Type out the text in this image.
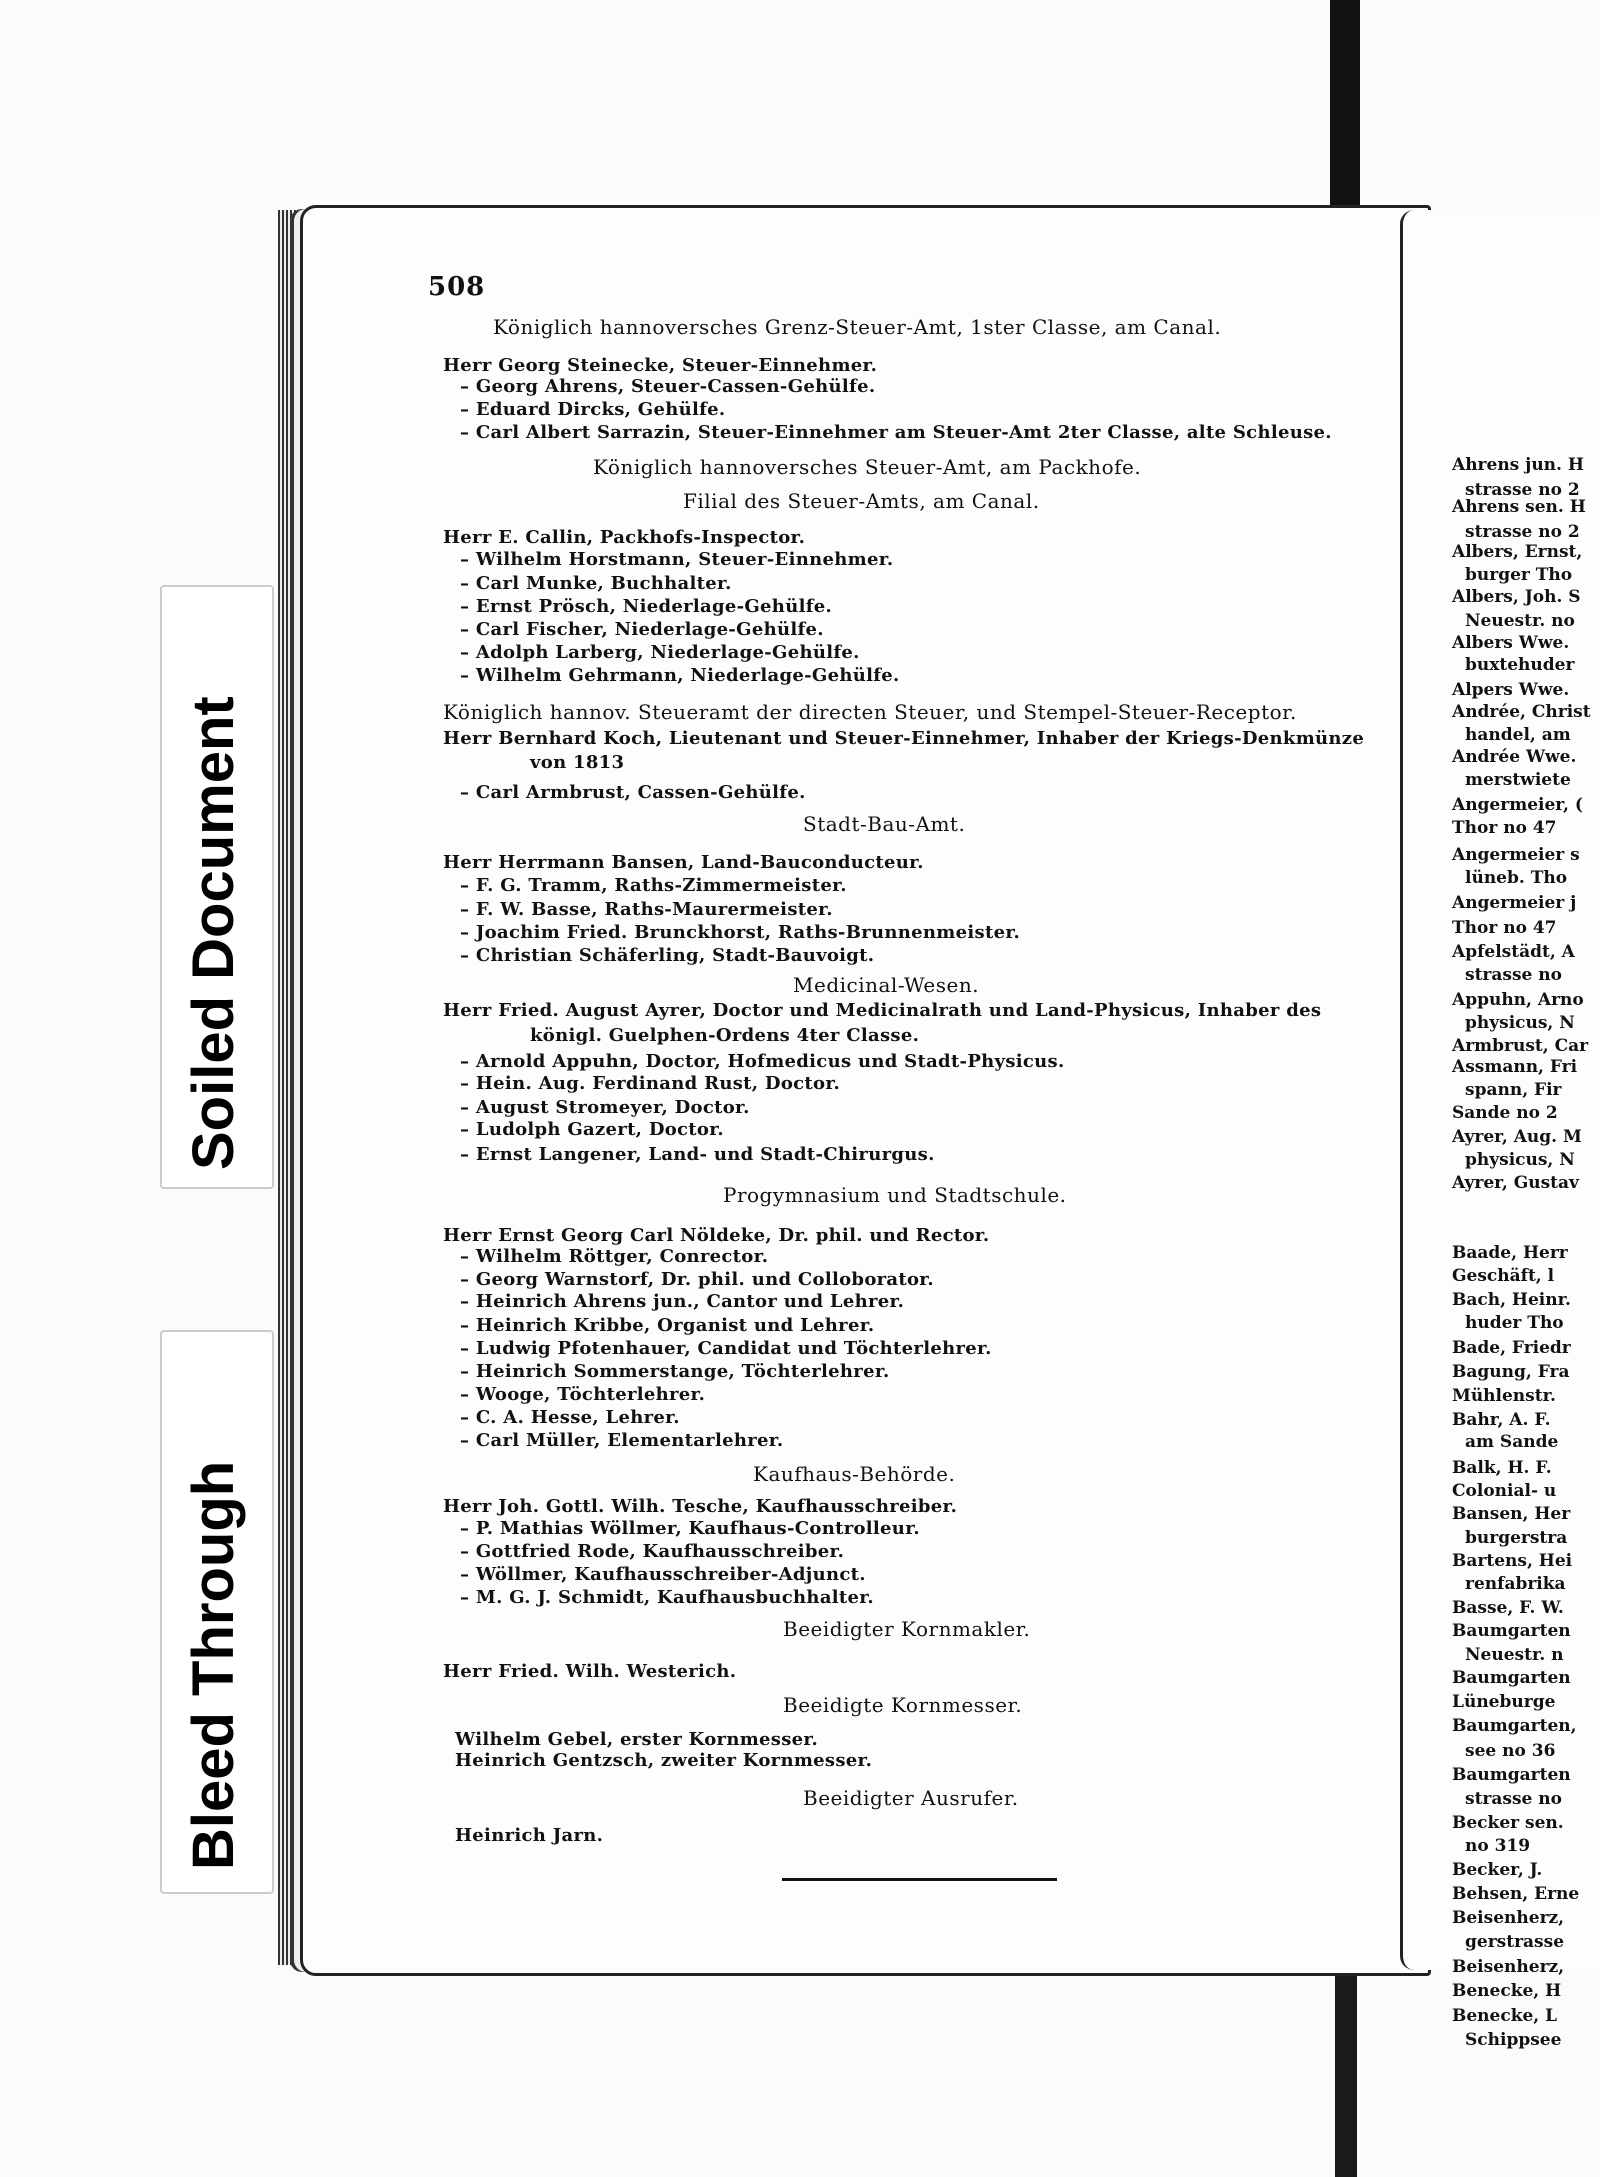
Soiled Document
Bleed Through
508
Königlich hannoversches Grenz-Steuer-Amt, 1ster Classe, am Canal.
Herr Georg Steinecke, Steuer-Einnehmer.
– Georg Ahrens, Steuer-Cassen-Gehülfe.
– Eduard Dircks, Gehülfe.
– Carl Albert Sarrazin, Steuer-Einnehmer am Steuer-Amt 2ter Classe, alte Schleuse.
Königlich hannoversches Steuer-Amt, am Packhofe.
Filial des Steuer-Amts, am Canal.
Herr E. Callin, Packhofs-Inspector.
– Wilhelm Horstmann, Steuer-Einnehmer.
– Carl Munke, Buchhalter.
– Ernst Prösch, Niederlage-Gehülfe.
– Carl Fischer, Niederlage-Gehülfe.
– Adolph Larberg, Niederlage-Gehülfe.
– Wilhelm Gehrmann, Niederlage-Gehülfe.
Königlich hannov. Steueramt der directen Steuer, und Stempel-Steuer-Receptor.
Herr Bernhard Koch, Lieutenant und Steuer-Einnehmer, Inhaber der Kriegs-Denkmünze
von 1813
– Carl Armbrust, Cassen-Gehülfe.
Stadt-Bau-Amt.
Herr Herrmann Bansen, Land-Bauconducteur.
– F. G. Tramm, Raths-Zimmermeister.
– F. W. Basse, Raths-Maurermeister.
– Joachim Fried. Brunckhorst, Raths-Brunnenmeister.
– Christian Schäferling, Stadt-Bauvoigt.
Medicinal-Wesen.
Herr Fried. August Ayrer, Doctor und Medicinalrath und Land-Physicus, Inhaber des
königl. Guelphen-Ordens 4ter Classe.
– Arnold Appuhn, Doctor, Hofmedicus und Stadt-Physicus.
– Hein. Aug. Ferdinand Rust, Doctor.
– August Stromeyer, Doctor.
– Ludolph Gazert, Doctor.
– Ernst Langener, Land- und Stadt-Chirurgus.
Progymnasium und Stadtschule.
Herr Ernst Georg Carl Nöldeke, Dr. phil. und Rector.
– Wilhelm Röttger, Conrector.
– Georg Warnstorf, Dr. phil. und Colloborator.
– Heinrich Ahrens jun., Cantor und Lehrer.
– Heinrich Kribbe, Organist und Lehrer.
– Ludwig Pfotenhauer, Candidat und Töchterlehrer.
– Heinrich Sommerstange, Töchterlehrer.
– Wooge, Töchterlehrer.
– C. A. Hesse, Lehrer.
– Carl Müller, Elementarlehrer.
Kaufhaus-Behörde.
Herr Joh. Gottl. Wilh. Tesche, Kaufhausschreiber.
– P. Mathias Wöllmer, Kaufhaus-Controlleur.
– Gottfried Rode, Kaufhausschreiber.
– Wöllmer, Kaufhausschreiber-Adjunct.
– M. G. J. Schmidt, Kaufhausbuchhalter.
Beeidigter Kornmakler.
Herr Fried. Wilh. Westerich.
Beeidigte Kornmesser.
Wilhelm Gebel, erster Kornmesser.
Heinrich Gentzsch, zweiter Kornmesser.
Beeidigter Ausrufer.
Heinrich Jarn.
Ahrens jun. H
strasse no 2
Ahrens sen. H
strasse no 2
Albers, Ernst,
burger Tho
Albers, Joh. S
Neuestr. no
Albers Wwe.
buxtehuder
Alpers Wwe.
Andrée, Christ
handel, am
Andrée Wwe.
merstwiete
Angermeier, (
Thor no 47
Angermeier s
lüneb. Tho
Angermeier j
Thor no 47
Apfelstädt, A
strasse no
Appuhn, Arno
physicus, N
Armbrust, Car
Assmann, Fri
spann, Fir
Sande no 2
Ayrer, Aug. M
physicus, N
Ayrer, Gustav
Baade, Herr
Geschäft, l
Bach, Heinr.
huder Tho
Bade, Friedr
Bagung, Fra
Mühlenstr.
Bahr, A. F.
am Sande
Balk, H. F.
Colonial- u
Bansen, Her
burgerstra
Bartens, Hei
renfabrika
Basse, F. W.
Baumgarten
Neuestr. n
Baumgarten
Lüneburge
Baumgarten,
see no 36
Baumgarten
strasse no
Becker sen.
no 319
Becker, J.
Behsen, Erne
Beisenherz,
gerstrasse
Beisenherz,
Benecke, H
Benecke, L
Schippsee
